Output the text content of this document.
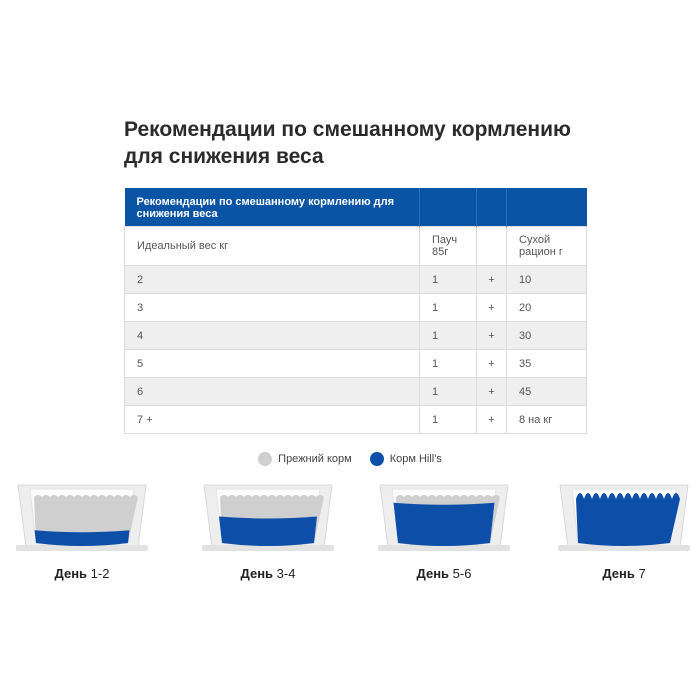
Рекомендации по смешанному кормлению
для снижения веса
Рекомендации по смешанному кормлению для снижения веса			
Идеальный вес кг	Пауч 85г		Сухой рацион г
2	1	+	10
3	1	+	20
4	1	+	30
5	1	+	35
6	1	+	45
7 +	1	+	8 на кг
Прежний корм	Корм Hill's
День 1-2	День 3-4	День 5-6	День 7
